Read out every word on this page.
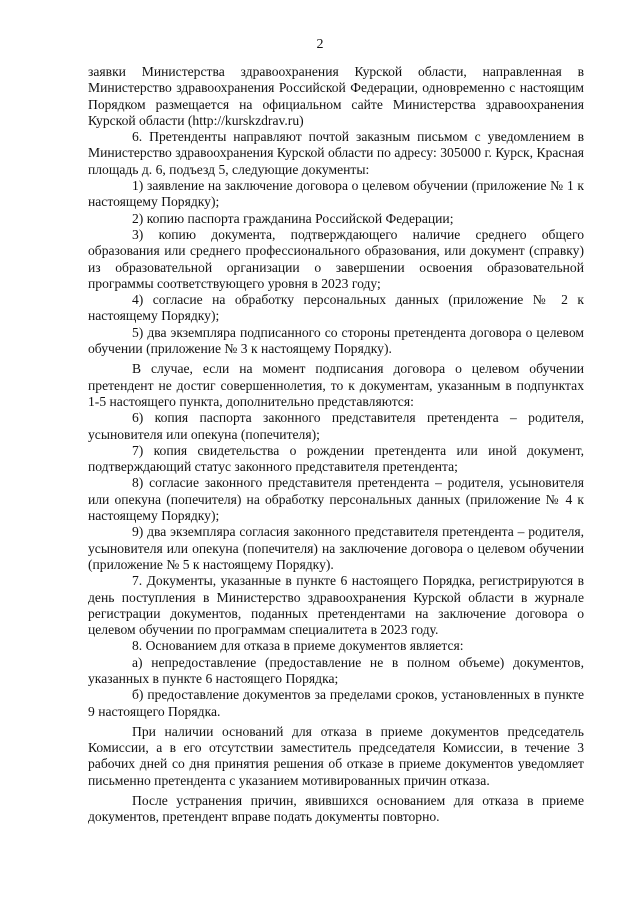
2

заявки Министерства здравоохранения Курской области, направленная в Министерство здравоохранения Российской Федерации, одновременно с настоящим Порядком размещается на официальном сайте Министерства здравоохранения Курской области (http://kurskzdrav.ru)

6. Претенденты направляют почтой заказным письмом с уведомлением в Министерство здравоохранения Курской области по адресу: 305000 г. Курск, Красная площадь д. 6, подъезд 5, следующие документы:

1) заявление на заключение договора о целевом обучении (приложение № 1 к настоящему Порядку);

2) копию паспорта гражданина Российской Федерации;

3) копию документа, подтверждающего наличие среднего общего образования или среднего профессионального образования, или документ (справку) из образовательной организации о завершении освоения образовательной программы соответствующего уровня в 2023 году;

4) согласие на обработку персональных данных (приложение № 2 к настоящему Порядку);

5) два экземпляра подписанного со стороны претендента договора о целевом обучении (приложение № 3 к настоящему Порядку).

В случае, если на момент подписания договора о целевом обучении претендент не достиг совершеннолетия, то к документам, указанным в подпунктах 1-5 настоящего пункта, дополнительно представляются:

6) копия паспорта законного представителя претендента – родителя, усыновителя или опекуна (попечителя);

7) копия свидетельства о рождении претендента или иной документ, подтверждающий статус законного представителя претендента;

8) согласие законного представителя претендента – родителя, усыновителя или опекуна (попечителя) на обработку персональных данных (приложение № 4 к настоящему Порядку);

9) два экземпляра согласия законного представителя претендента – родителя, усыновителя или опекуна (попечителя) на заключение договора о целевом обучении (приложение № 5 к настоящему Порядку).

7. Документы, указанные в пункте 6 настоящего Порядка, регистрируются в день поступления в Министерство здравоохранения Курской области в журнале регистрации документов, поданных претендентами на заключение договора о целевом обучении по программам специалитета в 2023 году.

8. Основанием для отказа в приеме документов является:

а) непредоставление (предоставление не в полном объеме) документов, указанных в пункте 6 настоящего Порядка;

б) предоставление документов за пределами сроков, установленных в пункте 9 настоящего Порядка.

При наличии оснований для отказа в приеме документов председатель Комиссии, а в его отсутствии заместитель председателя Комиссии, в течение 3 рабочих дней со дня принятия решения об отказе в приеме документов уведомляет письменно претендента с указанием мотивированных причин отказа.

После устранения причин, явившихся основанием для отказа в приеме документов, претендент вправе подать документы повторно.
